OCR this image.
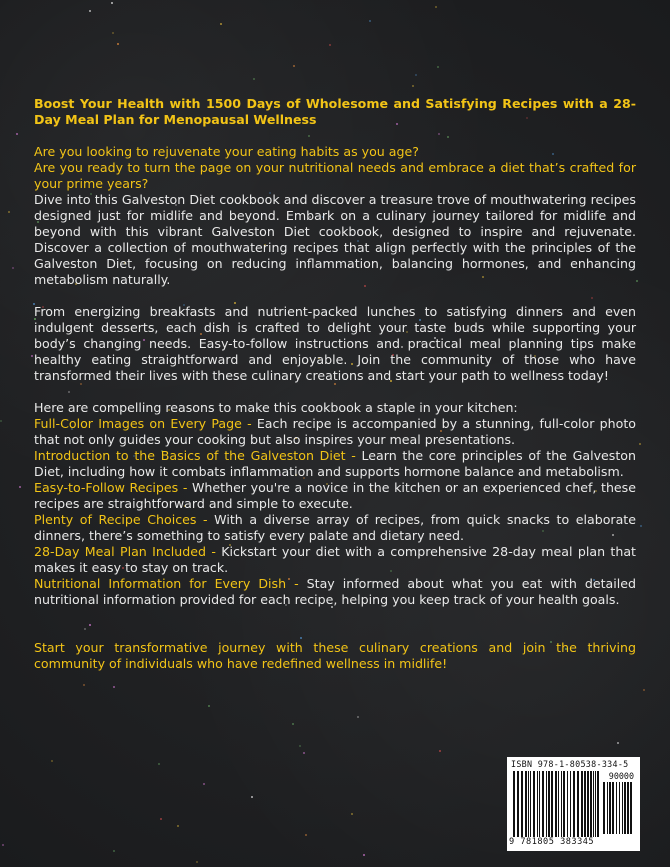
Boost Your Health with 1500 Days of Wholesome and Satisfying Recipes with a 28-Day Meal Plan for Menopausal Wellness

Are you looking to rejuvenate your eating habits as you age?

Are you ready to turn the page on your nutritional needs and embrace a diet that’s crafted for your prime years?

Dive into this Galveston Diet cookbook and discover a treasure trove of mouthwatering recipes designed just for midlife and beyond. Embark on a culinary journey tailored for midlife and beyond with this vibrant Galveston Diet cookbook, designed to inspire and rejuvenate. Discover a collection of mouthwatering recipes that align perfectly with the principles of the Galveston Diet, focusing on reducing inflammation, balancing hormones, and enhancing metabolism naturally.

From energizing breakfasts and nutrient-packed lunches to satisfying dinners and even indulgent desserts, each dish is crafted to delight your taste buds while supporting your body’s changing needs. Easy-to-follow instructions and practical meal planning tips make healthy eating straightforward and enjoyable. Join the community of those who have transformed their lives with these culinary creations and start your path to wellness today!

Here are compelling reasons to make this cookbook a staple in your kitchen:

Full-Color Images on Every Page - Each recipe is accompanied by a stunning, full-color photo that not only guides your cooking but also inspires your meal presentations.

Introduction to the Basics of the Galveston Diet - Learn the core principles of the Galveston Diet, including how it combats inflammation and supports hormone balance and metabolism.

Easy-to-Follow Recipes - Whether you're a novice in the kitchen or an experienced chef, these recipes are straightforward and simple to execute.

Plenty of Recipe Choices - With a diverse array of recipes, from quick snacks to elaborate dinners, there’s something to satisfy every palate and dietary need.

28-Day Meal Plan Included - Kickstart your diet with a comprehensive 28-day meal plan that makes it easy to stay on track.

Nutritional Information for Every Dish - Stay informed about what you eat with detailed nutritional information provided for each recipe, helping you keep track of your health goals.

Start your transformative journey with these culinary creations and join the thriving community of individuals who have redefined wellness in midlife!

ISBN 978-1-80538-334-5
90000
9 781805 383345
